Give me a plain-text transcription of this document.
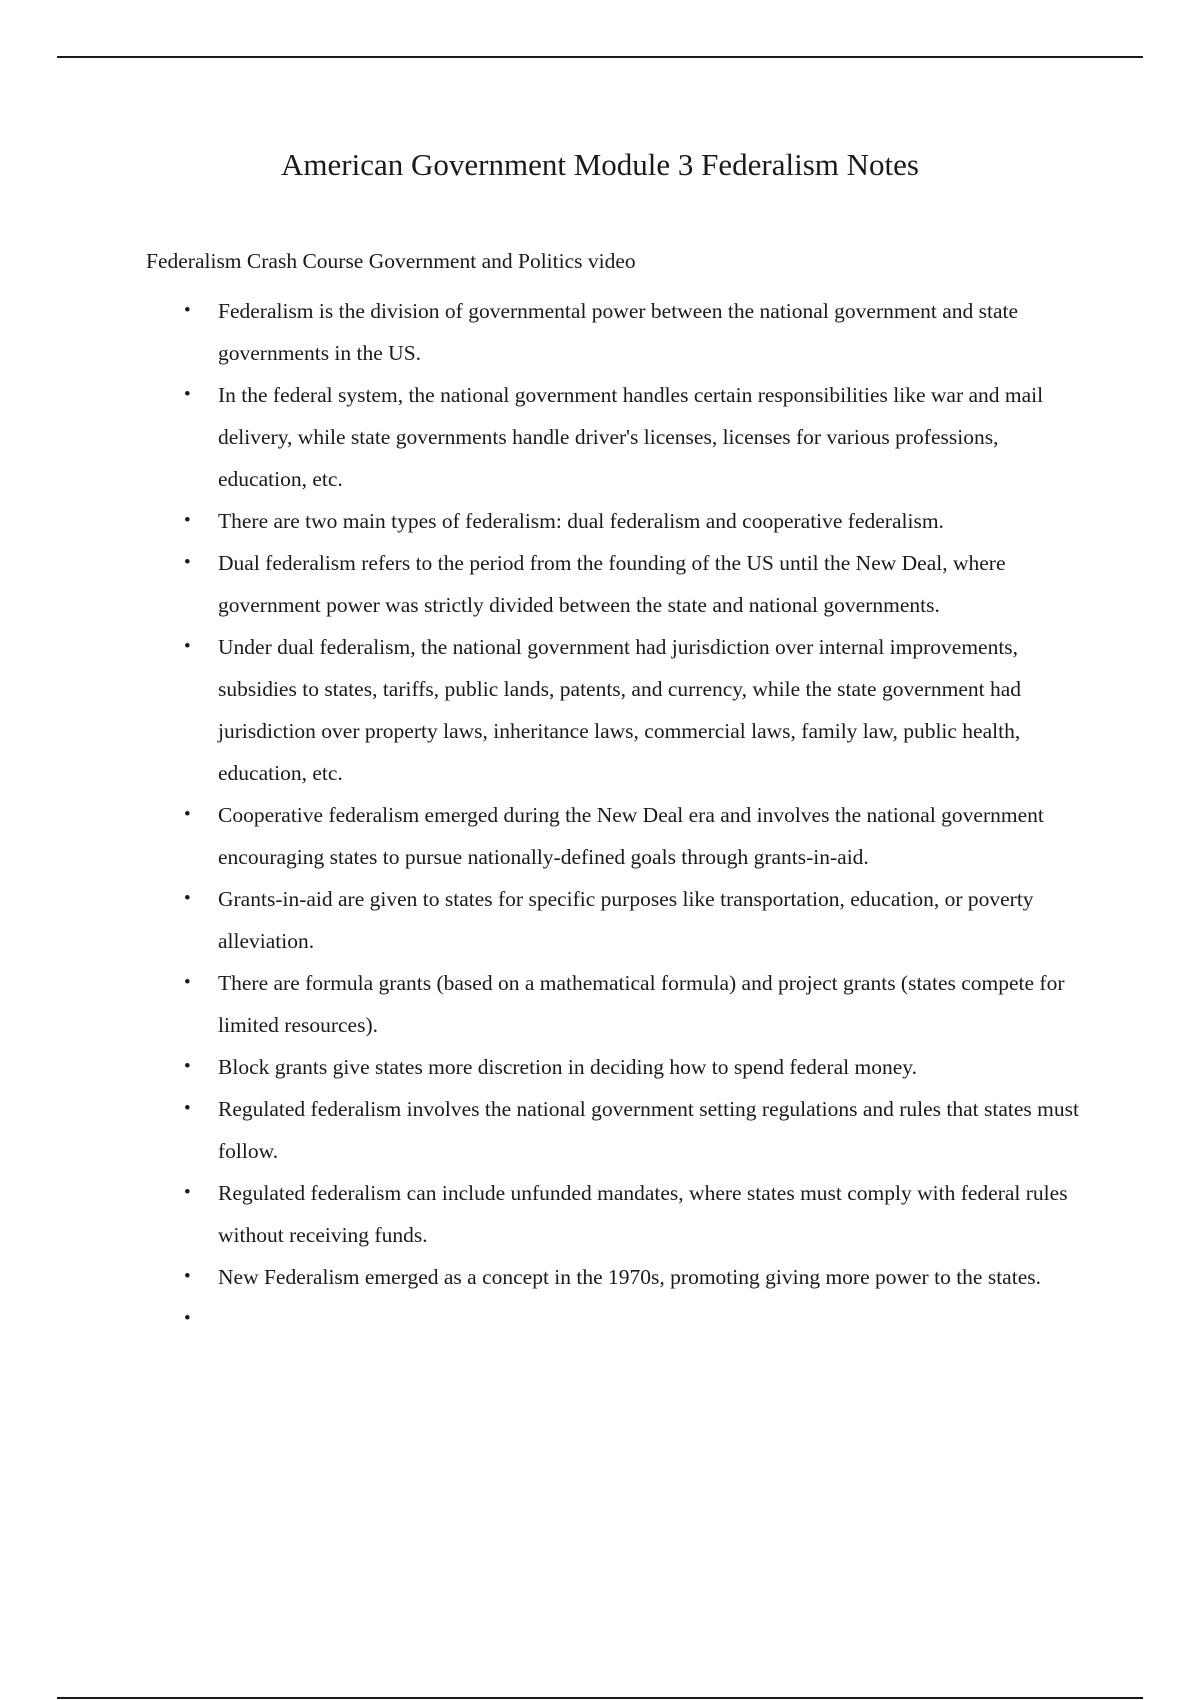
American Government Module 3 Federalism Notes

Federalism Crash Course Government and Politics video

• Federalism is the division of governmental power between the national government and state governments in the US.
• In the federal system, the national government handles certain responsibilities like war and mail delivery, while state governments handle driver's licenses, licenses for various professions, education, etc.
• There are two main types of federalism: dual federalism and cooperative federalism.
• Dual federalism refers to the period from the founding of the US until the New Deal, where government power was strictly divided between the state and national governments.
• Under dual federalism, the national government had jurisdiction over internal improvements, subsidies to states, tariffs, public lands, patents, and currency, while the state government had jurisdiction over property laws, inheritance laws, commercial laws, family law, public health, education, etc.
• Cooperative federalism emerged during the New Deal era and involves the national government encouraging states to pursue nationally-defined goals through grants-in-aid.
• Grants-in-aid are given to states for specific purposes like transportation, education, or poverty alleviation.
• There are formula grants (based on a mathematical formula) and project grants (states compete for limited resources).
• Block grants give states more discretion in deciding how to spend federal money.
• Regulated federalism involves the national government setting regulations and rules that states must follow.
• Regulated federalism can include unfunded mandates, where states must comply with federal rules without receiving funds.
• New Federalism emerged as a concept in the 1970s, promoting giving more power to the states.
•
